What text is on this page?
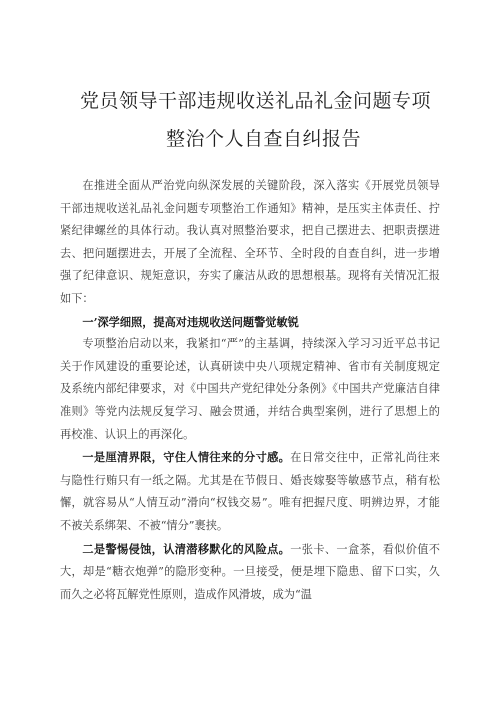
党员领导干部违规收送礼品礼金问题专项
整治个人自查自纠报告

在推进全面从严治党向纵深发展的关键阶段，深入落实《开展党员领导干部违规收送礼品礼金问题专项整治工作通知》精神，是压实主体责任、拧紧纪律螺丝的具体行动。我认真对照整治要求，把自己摆进去、把职责摆进去、把问题摆进去，开展了全流程、全环节、全时段的自查自纠，进一步增强了纪律意识、规矩意识，夯实了廉洁从政的思想根基。现将有关情况汇报如下：

一’深学细照，提高对违规收送问题警觉敏锐

专项整治启动以来，我紧扣“严”的主基调，持续深入学习习近平总书记关于作风建设的重要论述，认真研读中央八项规定精神、省市有关制度规定及系统内部纪律要求，对《中国共产党纪律处分条例》《中国共产党廉洁自律准则》等党内法规反复学习、融会贯通，并结合典型案例，进行了思想上的再校准、认识上的再深化。

一是厘清界限，守住人情往来的分寸感。在日常交往中，正常礼尚往来与隐性行贿只有一纸之隔。尤其是在节假日、婚丧嫁娶等敏感节点，稍有松懈，就容易从“人情互动”滑向“权钱交易”。唯有把握尺度、明辨边界，才能不被关系绑架、不被“情分”裹挟。

二是警惕侵蚀，认清潜移默化的风险点。一张卡、一盒茶，看似价值不大，却是“糖衣炮弹”的隐形变种。一旦接受，便是埋下隐患、留下口实，久而久之必将瓦解党性原则，造成作风滑坡，成为“温
